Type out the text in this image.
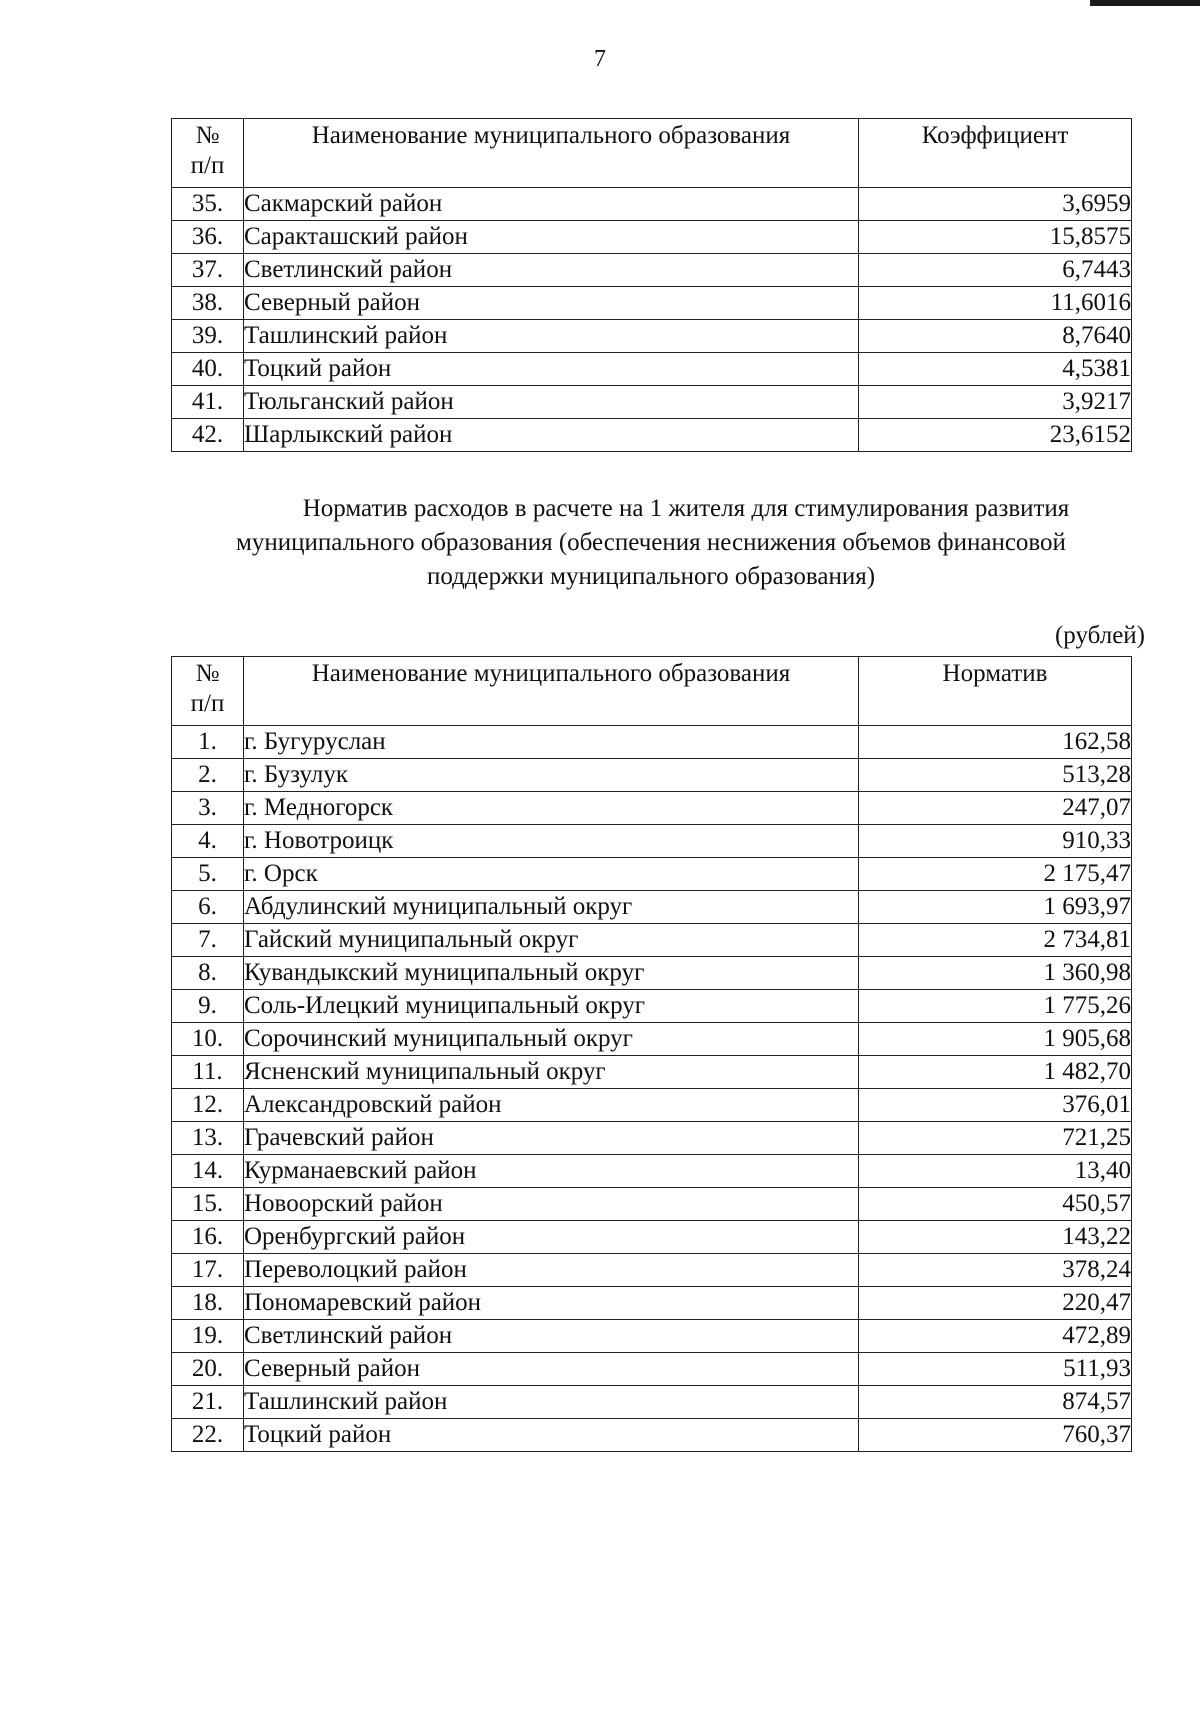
7
№
п/п	Наименование муниципального образования	Коэффициент
35.	Сакмарский район	3,6959
36.	Саракташский район	15,8575
37.	Светлинский район	6,7443
38.	Северный район	11,6016
39.	Ташлинский район	8,7640
40.	Тоцкий район	4,5381
41.	Тюльганский район	3,9217
42.	Шарлыкский район	23,6152
Норматив расходов в расчете на 1 жителя для стимулирования развития
муниципального образования (обеспечения неснижения объемов финансовой
поддержки муниципального образования)
(рублей)
№
п/п	Наименование муниципального образования	Норматив
1.	г. Бугуруслан	162,58
2.	г. Бузулук	513,28
3.	г. Медногорск	247,07
4.	г. Новотроицк	910,33
5.	г. Орск	2 175,47
6.	Абдулинский муниципальный округ	1 693,97
7.	Гайский муниципальный округ	2 734,81
8.	Кувандыкский муниципальный округ	1 360,98
9.	Соль-Илецкий муниципальный округ	1 775,26
10.	Сорочинский муниципальный округ	1 905,68
11.	Ясненский муниципальный округ	1 482,70
12.	Александровский район	376,01
13.	Грачевский район	721,25
14.	Курманаевский район	13,40
15.	Новоорский район	450,57
16.	Оренбургский район	143,22
17.	Переволоцкий район	378,24
18.	Пономаревский район	220,47
19.	Светлинский район	472,89
20.	Северный район	511,93
21.	Ташлинский район	874,57
22.	Тоцкий район	760,37
